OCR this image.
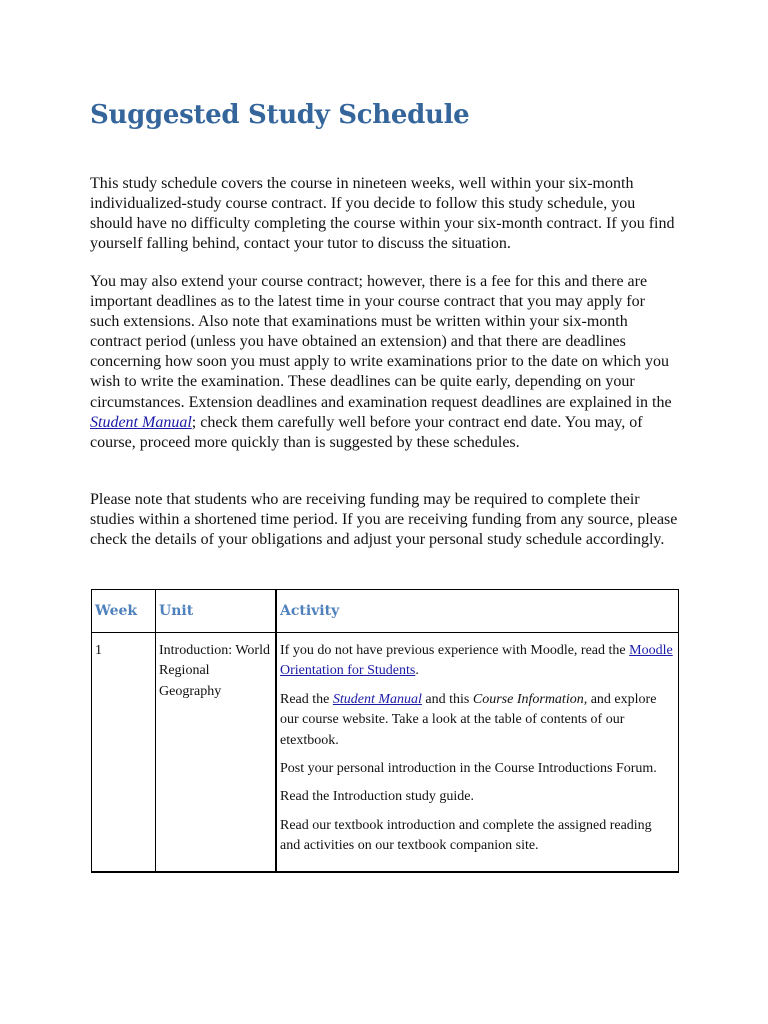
Suggested Study Schedule

This study schedule covers the course in nineteen weeks, well within your six-month individualized-study course contract. If you decide to follow this study schedule, you should have no difficulty completing the course within your six-month contract. If you find yourself falling behind, contact your tutor to discuss the situation.

You may also extend your course contract; however, there is a fee for this and there are important deadlines as to the latest time in your course contract that you may apply for such extensions. Also note that examinations must be written within your six-month contract period (unless you have obtained an extension) and that there are deadlines concerning how soon you must apply to write examinations prior to the date on which you wish to write the examination. These deadlines can be quite early, depending on your circumstances. Extension deadlines and examination request deadlines are explained in the Student Manual; check them carefully well before your contract end date. You may, of course, proceed more quickly than is suggested by these schedules.

Please note that students who are receiving funding may be required to complete their studies within a shortened time period. If you are receiving funding from any source, please check the details of your obligations and adjust your personal study schedule accordingly.

Week	Unit	Activity
1	Introduction: World Regional Geography	If you do not have previous experience with Moodle, read the Moodle Orientation for Students.

Read the Student Manual and this Course Information, and explore our course website. Take a look at the table of contents of our etextbook.

Post your personal introduction in the Course Introductions Forum.

Read the Introduction study guide.

Read our textbook introduction and complete the assigned reading and activities on our textbook companion site.
